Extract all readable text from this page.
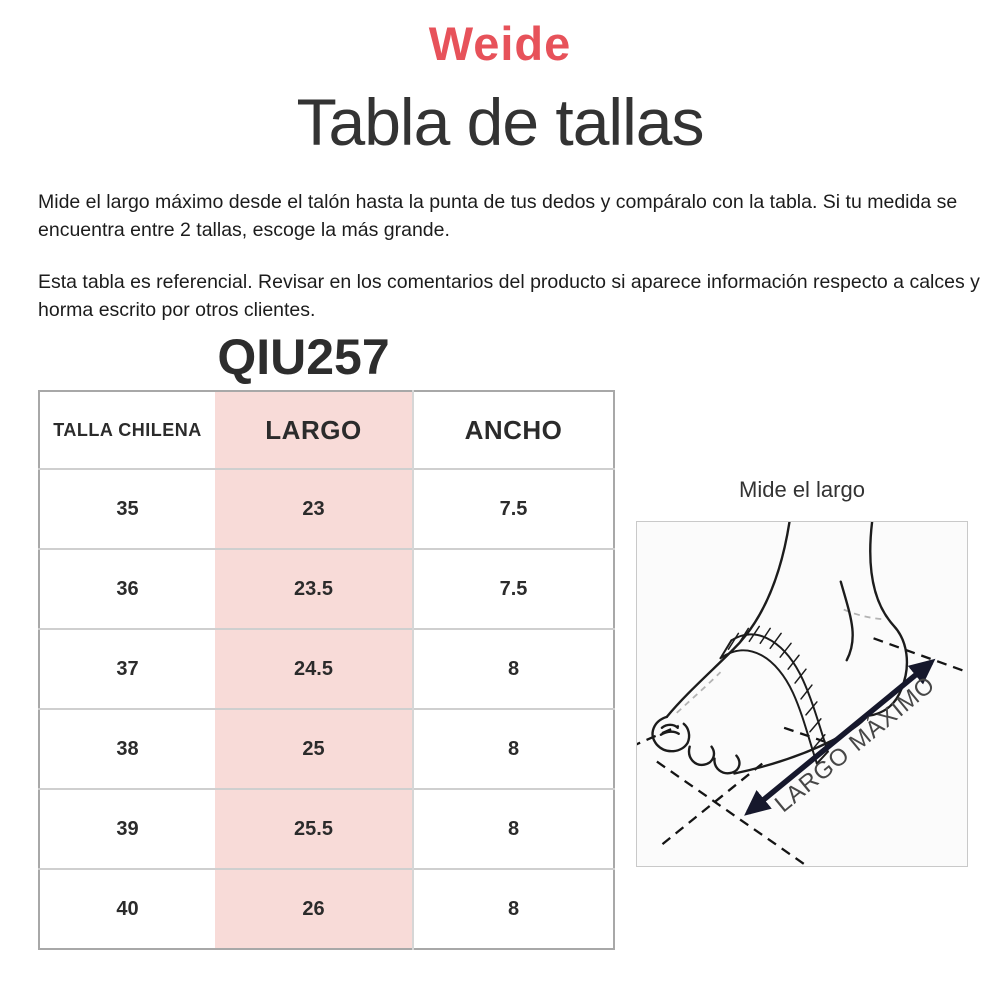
Weide
Tabla de tallas

Mide el largo máximo desde el talón hasta la punta de tus dedos y compáralo con la tabla. Si tu medida se encuentra entre 2 tallas, escoge la más grande.

Esta tabla es referencial. Revisar en los comentarios del producto si aparece información respecto a calces y horma escrito por otros clientes.

QIU257
TALLA CHILENA	LARGO	ANCHO
35	23	7.5
36	23.5	7.5
37	24.5	8
38	25	8
39	25.5	8
40	26	8
Mide el largo
LARGO MÁXIMO
